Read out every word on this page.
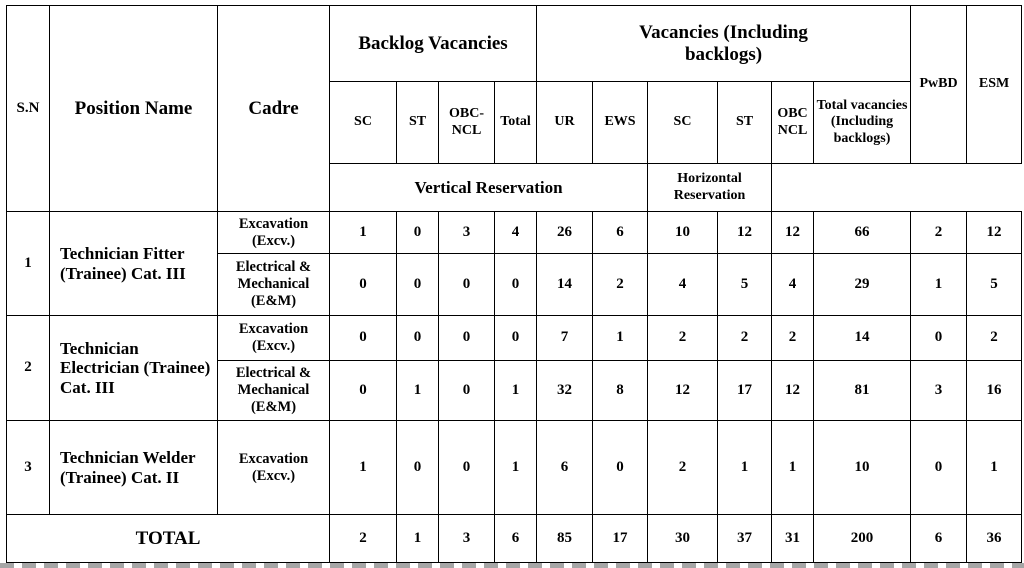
S.N	Position Name	Cadre	Backlog Vacancies				Vacancies (Including backlogs)						PwBD	ESM
			SC	ST	OBC-NCL	Total	UR	EWS	SC	ST	OBC NCL	Total vacancies (Including backlogs)		
			Vertical Reservation						Horizontal Reservation					
1	Technician Fitter (Trainee) Cat. III	Excavation (Excv.)	1	0	3	4	26	6	10	12	12	66	2	12
		Electrical & Mechanical (E&M)	0	0	0	0	14	2	4	5	4	29	1	5
2	Technician Electrician (Trainee) Cat. III	Excavation (Excv.)	0	0	0	0	7	1	2	2	2	14	0	2
		Electrical & Mechanical (E&M)	0	1	0	1	32	8	12	17	12	81	3	16
3	Technician Welder (Trainee) Cat. II	Excavation (Excv.)	1	0	0	1	6	0	2	1	1	10	0	1
TOTAL			2	1	3	6	85	17	30	37	31	200	6	36
